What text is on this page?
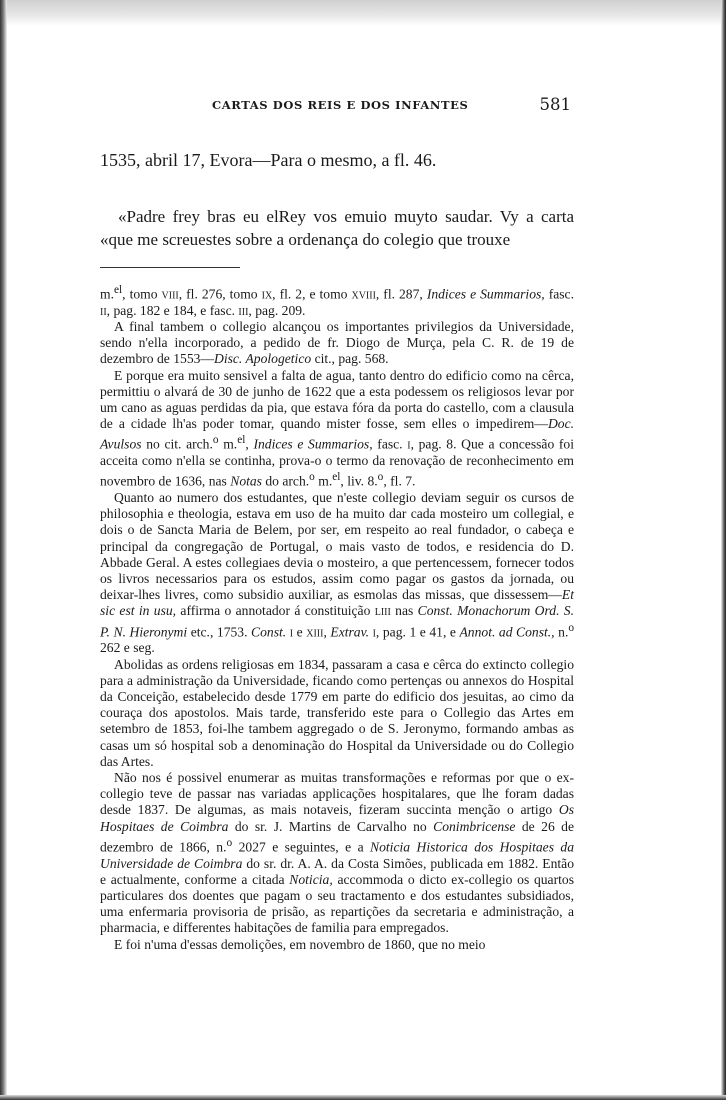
CARTAS DOS REIS E DOS INFANTES	581
1535, abril 17, Evora—Para o mesmo, a fl. 46.
«Padre frey bras eu elRey vos emuio muyto saudar. Vy a carta
«que me screuestes sobre a ordenança do colegio que trouxe

m.$^{el}$, tomo viii, fl. 276, tomo ix, fl. 2, e tomo xviii, fl. 287, Indices e Summarios, fasc. ii, pag. 182 e 184, e fasc. iii, pag. 209.

A final tambem o collegio alcançou os importantes privilegios da Universidade, sendo n'ella incorporado, a pedido de fr. Diogo de Murça, pela C. R. de 19 de dezembro de 1553—Disc. Apologetico cit., pag. 568.

E porque era muito sensivel a falta de agua, tanto dentro do edificio como na cêrca, permittiu o alvará de 30 de junho de 1622 que a esta podessem os religiosos levar por um cano as aguas perdidas da pia, que estava fóra da porta do castello, com a clausula de a cidade lh'as poder tomar, quando mister fosse, sem elles o impedirem—Doc. Avulsos no cit. arch.$^o$ m.$^{el}$, Indices e Summarios, fasc. i, pag. 8. Que a concessão foi acceita como n'ella se continha, prova-o o termo da renovação de reconhecimento em novembro de 1636, nas Notas do arch.$^o$ m.$^{el}$, liv. 8.$^o$, fl. 7.

Quanto ao numero dos estudantes, que n'este collegio deviam seguir os cursos de philosophia e theologia, estava em uso de ha muito dar cada mosteiro um collegial, e dois o de Sancta Maria de Belem, por ser, em respeito ao real fundador, o cabeça e principal da congregação de Portugal, o mais vasto de todos, e residencia do D. Abbade Geral. A estes collegiaes devia o mosteiro, a que pertencessem, fornecer todos os livros necessarios para os estudos, assim como pagar os gastos da jornada, ou deixar-lhes livres, como subsidio auxiliar, as esmolas das missas, que dissessem—Et sic est in usu, affirma o annotador á constituição liii nas Const. Monachorum Ord. S. P. N. Hieronymi etc., 1753. Const. i e xiii, Extrav. i, pag. 1 e 41, e Annot. ad Const., n.$^o$ 262 e seg.

Abolidas as ordens religiosas em 1834, passaram a casa e cêrca do extincto collegio para a administração da Universidade, ficando como pertenças ou annexos do Hospital da Conceição, estabelecido desde 1779 em parte do edificio dos jesuitas, ao cimo da couraça dos apostolos. Mais tarde, transferido este para o Collegio das Artes em setembro de 1853, foi-lhe tambem aggregado o de S. Jeronymo, formando ambas as casas um só hospital sob a denominação do Hospital da Universidade ou do Collegio das Artes.

Não nos é possivel enumerar as muitas transformações e reformas por que o ex-collegio teve de passar nas variadas applicações hospitalares, que lhe foram dadas desde 1837. De algumas, as mais notaveis, fizeram succinta menção o artigo Os Hospitaes de Coimbra do sr. J. Martins de Carvalho no Conimbricense de 26 de dezembro de 1866, n.$^o$ 2027 e seguintes, e a Noticia Historica dos Hospitaes da Universidade de Coimbra do sr. dr. A. A. da Costa Simões, publicada em 1882. Então e actualmente, conforme a citada Noticia, accommoda o dicto ex-collegio os quartos particulares dos doentes que pagam o seu tractamento e dos estudantes subsidiados, uma enfermaria provisoria de prisão, as repartições da secretaria e administração, a pharmacia, e differentes habitações de familia para empregados.

E foi n'uma d'essas demolições, em novembro de 1860, que no meio
